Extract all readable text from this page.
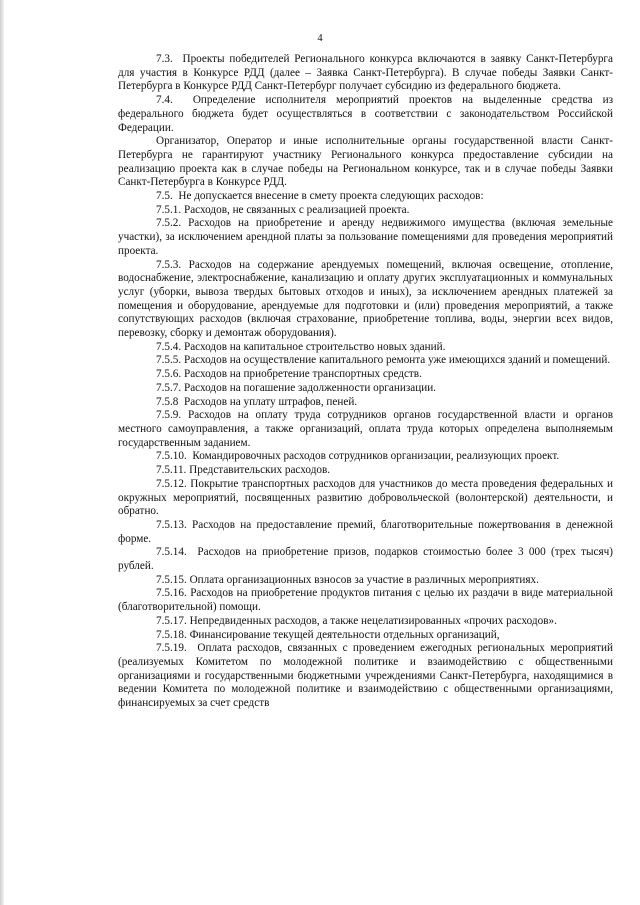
4

7.3.  Проекты победителей Регионального конкурса включаются в заявку Санкт-Петербурга для участия в Конкурсе РДД (далее – Заявка Санкт-Петербурга). В случае победы Заявки Санкт-Петербурга в Конкурсе РДД Санкт-Петербург получает субсидию из федерального бюджета.

7.4.  Определение исполнителя мероприятий проектов на выделенные средства из федерального бюджета будет осуществляться в соответствии с законодательством Российской Федерации.

Организатор, Оператор и иные исполнительные органы государственной власти Санкт-Петербурга не гарантируют участнику Регионального конкурса предоставление субсидии на реализацию проекта как в случае победы на Региональном конкурсе, так и в случае победы Заявки Санкт-Петербурга в Конкурсе РДД.

7.5.  Не допускается внесение в смету проекта следующих расходов:

7.5.1. Расходов, не связанных с реализацией проекта.

7.5.2. Расходов на приобретение и аренду недвижимого имущества (включая земельные участки), за исключением арендной платы за пользование помещениями для проведения мероприятий проекта.

7.5.3. Расходов на содержание арендуемых помещений, включая освещение, отопление, водоснабжение, электроснабжение, канализацию и оплату других эксплуатационных и коммунальных услуг (уборки, вывоза твердых бытовых отходов и иных), за исключением арендных платежей за помещения и оборудование, арендуемые для подготовки и (или) проведения мероприятий, а также сопутствующих расходов (включая страхование, приобретение топлива, воды, энергии всех видов, перевозку, сборку и демонтаж оборудования).

7.5.4. Расходов на капитальное строительство новых зданий.

7.5.5. Расходов на осуществление капитального ремонта уже имеющихся зданий и помещений.

7.5.6. Расходов на приобретение транспортных средств.

7.5.7. Расходов на погашение задолженности организации.

7.5.8  Расходов на уплату штрафов, пеней.

7.5.9. Расходов на оплату труда сотрудников органов государственной власти и органов местного самоуправления, а также организаций, оплата труда которых определена выполняемым государственным заданием.

7.5.10.  Командировочных расходов сотрудников организации, реализующих проект.

7.5.11. Представительских расходов.

7.5.12. Покрытие транспортных расходов для участников до места проведения федеральных и окружных мероприятий, посвященных развитию добровольческой (волонтерской) деятельности, и обратно.

7.5.13. Расходов на предоставление премий, благотворительные пожертвования в денежной форме.

7.5.14.  Расходов на приобретение призов, подарков стоимостью более 3 000 (трех тысяч) рублей.

7.5.15. Оплата организационных взносов за участие в различных мероприятиях.

7.5.16. Расходов на приобретение продуктов питания с целью их раздачи в виде материальной (благотворительной) помощи.

7.5.17. Непредвиденных расходов, а также нецелатизированных «прочих расходов».

7.5.18. Финансирование текущей деятельности отдельных организаций,

7.5.19.  Оплата расходов, связанных с проведением ежегодных региональных мероприятий (реализуемых Комитетом по молодежной политике и взаимодействию с общественными организациями и государственными бюджетными учреждениями Санкт-Петербурга, находящимися в ведении Комитета по молодежной политике и взаимодействию с общественными организациями, финансируемых за счет средств
